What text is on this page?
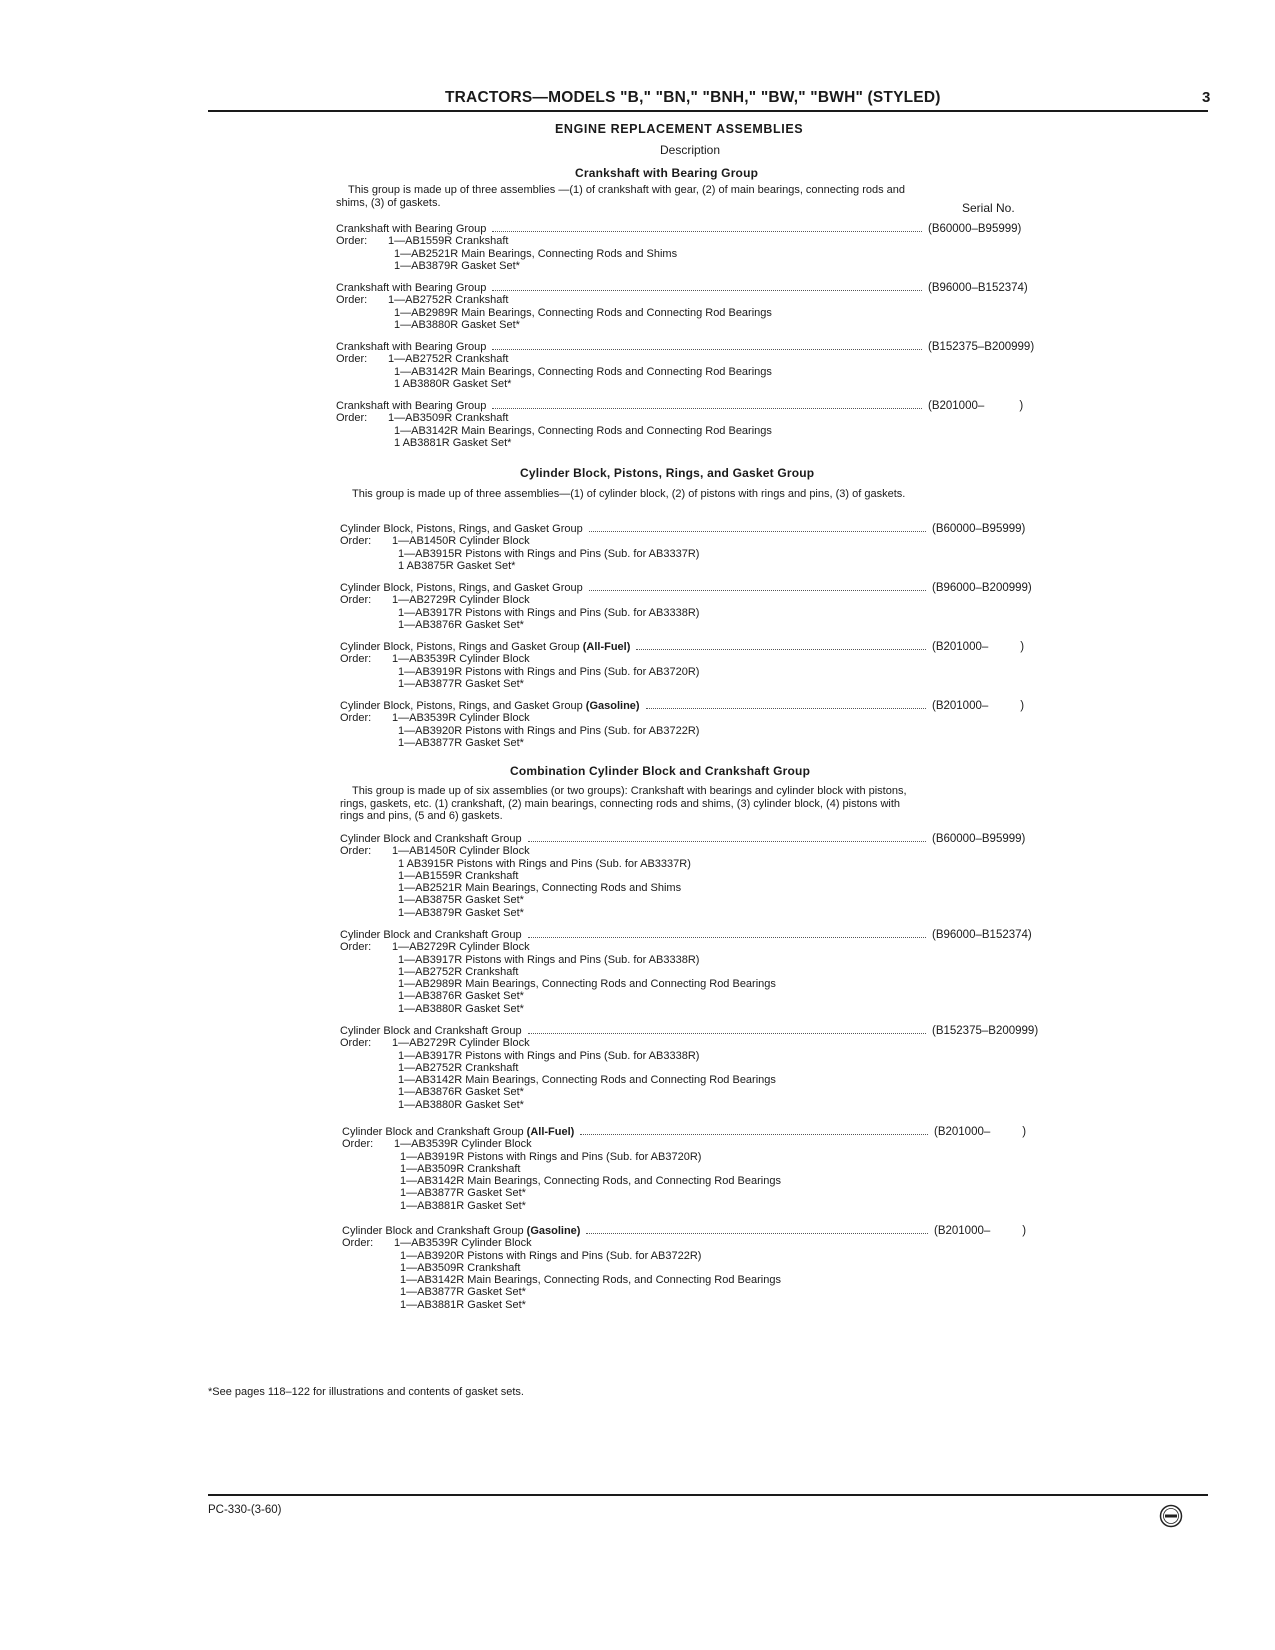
TRACTORS—MODELS "B," "BN," "BNH," "BW," "BWH" (STYLED)	3
ENGINE REPLACEMENT ASSEMBLIES
Description
Crankshaft with Bearing Group
This group is made up of three assemblies —(1) of crankshaft with gear, (2) of main bearings, connecting rods and shims, (3) of gaskets.	Serial No.
Crankshaft with Bearing Group	(B60000–B95999)
Order:	1—AB1559R Crankshaft
1—AB2521R Main Bearings, Connecting Rods and Shims
1—AB3879R Gasket Set*
Crankshaft with Bearing Group	(B96000–B152374)
Order:	1—AB2752R Crankshaft
1—AB2989R Main Bearings, Connecting Rods and Connecting Rod Bearings
1—AB3880R Gasket Set*
Crankshaft with Bearing Group	(B152375–B200999)
Order:	1—AB2752R Crankshaft
1—AB3142R Main Bearings, Connecting Rods and Connecting Rod Bearings
1 AB3880R Gasket Set*
Crankshaft with Bearing Group	(B201000–           )
Order:	1—AB3509R Crankshaft
1—AB3142R Main Bearings, Connecting Rods and Connecting Rod Bearings
1 AB3881R Gasket Set*
Cylinder Block, Pistons, Rings, and Gasket Group
This group is made up of three assemblies—(1) of cylinder block, (2) of pistons with rings and pins, (3) of gaskets.
Cylinder Block, Pistons, Rings, and Gasket Group	(B60000–B95999)
Order:	1—AB1450R Cylinder Block
1—AB3915R Pistons with Rings and Pins (Sub. for AB3337R)
1 AB3875R Gasket Set*
Cylinder Block, Pistons, Rings, and Gasket Group	(B96000–B200999)
Order:	1—AB2729R Cylinder Block
1—AB3917R Pistons with Rings and Pins (Sub. for AB3338R)
1—AB3876R Gasket Set*
Cylinder Block, Pistons, Rings and Gasket Group (All-Fuel)	(B201000–          )
Order:	1—AB3539R Cylinder Block
1—AB3919R Pistons with Rings and Pins (Sub. for AB3720R)
1—AB3877R Gasket Set*
Cylinder Block, Pistons, Rings, and Gasket Group (Gasoline)	(B201000–          )
Order:	1—AB3539R Cylinder Block
1—AB3920R Pistons with Rings and Pins (Sub. for AB3722R)
1—AB3877R Gasket Set*
Combination Cylinder Block and Crankshaft Group
This group is made up of six assemblies (or two groups): Crankshaft with bearings and cylinder block with pistons, rings, gaskets, etc. (1) crankshaft, (2) main bearings, connecting rods and shims, (3) cylinder block, (4) pistons with rings and pins, (5 and 6) gaskets.
Cylinder Block and Crankshaft Group	(B60000–B95999)
Order:	1—AB1450R Cylinder Block
1 AB3915R Pistons with Rings and Pins (Sub. for AB3337R)
1—AB1559R Crankshaft
1—AB2521R Main Bearings, Connecting Rods and Shims
1—AB3875R Gasket Set*
1—AB3879R Gasket Set*
Cylinder Block and Crankshaft Group	(B96000–B152374)
Order:	1—AB2729R Cylinder Block
1—AB3917R Pistons with Rings and Pins (Sub. for AB3338R)
1—AB2752R Crankshaft
1—AB2989R Main Bearings, Connecting Rods and Connecting Rod Bearings
1—AB3876R Gasket Set*
1—AB3880R Gasket Set*
Cylinder Block and Crankshaft Group	(B152375–B200999)
Order:	1—AB2729R Cylinder Block
1—AB3917R Pistons with Rings and Pins (Sub. for AB3338R)
1—AB2752R Crankshaft
1—AB3142R Main Bearings, Connecting Rods and Connecting Rod Bearings
1—AB3876R Gasket Set*
1—AB3880R Gasket Set*
Cylinder Block and Crankshaft Group (All-Fuel)	(B201000–          )
Order:	1—AB3539R Cylinder Block
1—AB3919R Pistons with Rings and Pins (Sub. for AB3720R)
1—AB3509R Crankshaft
1—AB3142R Main Bearings, Connecting Rods, and Connecting Rod Bearings
1—AB3877R Gasket Set*
1—AB3881R Gasket Set*
Cylinder Block and Crankshaft Group (Gasoline)	(B201000–          )
Order:	1—AB3539R Cylinder Block
1—AB3920R Pistons with Rings and Pins (Sub. for AB3722R)
1—AB3509R Crankshaft
1—AB3142R Main Bearings, Connecting Rods, and Connecting Rod Bearings
1—AB3877R Gasket Set*
1—AB3881R Gasket Set*
*See pages 118–122 for illustrations and contents of gasket sets.
PC-330-(3-60)
